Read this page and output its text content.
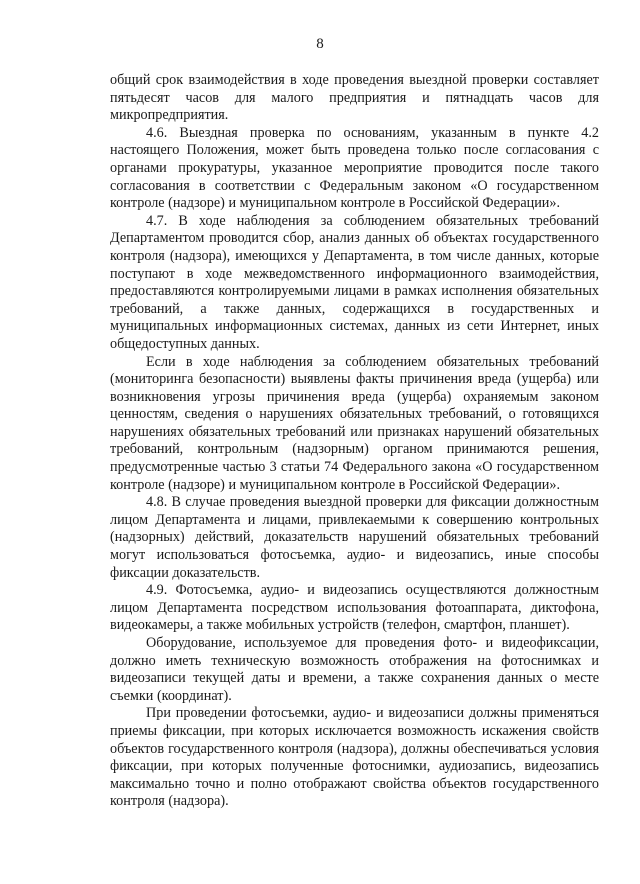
8

общий срок взаимодействия в ходе проведения выездной проверки составляет пятьдесят часов для малого предприятия и пятнадцать часов для микропредприятия.

4.6. Выездная проверка по основаниям, указанным в пункте 4.2 настоящего Положения, может быть проведена только после согласования с органами прокуратуры, указанное мероприятие проводится после такого согласования в соответствии с Федеральным законом «О государственном контроле (надзоре) и муниципальном контроле в Российской Федерации».

4.7. В ходе наблюдения за соблюдением обязательных требований Департаментом проводится сбор, анализ данных об объектах государственного контроля (надзора), имеющихся у Департамента, в том числе данных, которые поступают в ходе межведомственного информационного взаимодействия, предоставляются контролируемыми лицами в рамках исполнения обязательных требований, а также данных, содержащихся в государственных и муниципальных информационных системах, данных из сети Интернет, иных общедоступных данных.

Если в ходе наблюдения за соблюдением обязательных требований (мониторинга безопасности) выявлены факты причинения вреда (ущерба) или возникновения угрозы причинения вреда (ущерба) охраняемым законом ценностям, сведения о нарушениях обязательных требований, о готовящихся нарушениях обязательных требований или признаках нарушений обязательных требований, контрольным (надзорным) органом принимаются решения, предусмотренные частью 3 статьи 74 Федерального закона «О государственном контроле (надзоре) и муниципальном контроле в Российской Федерации».

4.8. В случае проведения выездной проверки для фиксации должностным лицом Департамента и лицами, привлекаемыми к совершению контрольных (надзорных) действий, доказательств нарушений обязательных требований могут использоваться фотосъемка, аудио- и видеозапись, иные способы фиксации доказательств.

4.9. Фотосъемка, аудио- и видеозапись осуществляются должностным лицом Департамента посредством использования фотоаппарата, диктофона, видеокамеры, а также мобильных устройств (телефон, смартфон, планшет).

Оборудование, используемое для проведения фото- и видеофиксации, должно иметь техническую возможность отображения на фотоснимках и видеозаписи текущей даты и времени, а также сохранения данных о месте съемки (координат).

При проведении фотосъемки, аудио- и видеозаписи должны применяться приемы фиксации, при которых исключается возможность искажения свойств объектов государственного контроля (надзора), должны обеспечиваться условия фиксации, при которых полученные фотоснимки, аудиозапись, видеозапись максимально точно и полно отображают свойства объектов государственного контроля (надзора).
